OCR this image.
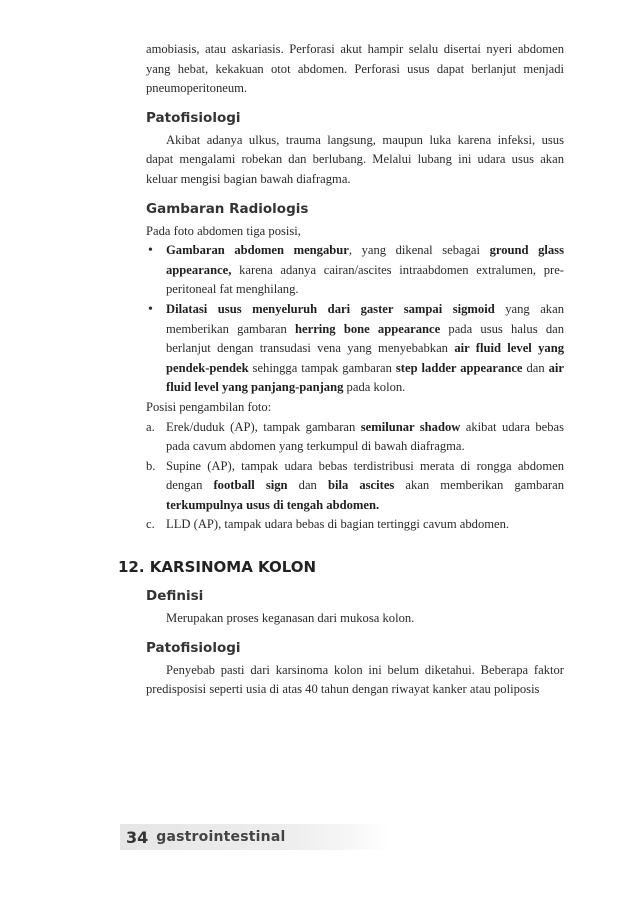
amobiasis, atau askariasis. Perforasi akut hampir selalu disertai nyeri abdomen yang hebat, kekakuan otot abdomen. Perforasi usus dapat berlanjut menjadi pneumoperitoneum.

Patofisiologi

Akibat adanya ulkus, trauma langsung, maupun luka karena infeksi, usus dapat mengalami robekan dan berlubang. Melalui lubang ini udara usus akan keluar mengisi bagian bawah diafragma.

Gambaran Radiologis

Pada foto abdomen tiga posisi,

• Gambaran abdomen mengabur, yang dikenal sebagai ground glass appearance, karena adanya cairan/ascites intraabdomen extralumen, pre-peritoneal fat menghilang.
• Dilatasi usus menyeluruh dari gaster sampai sigmoid yang akan memberikan gambaran herring bone appearance pada usus halus dan berlanjut dengan transudasi vena yang menyebabkan air fluid level yang pendek-pendek sehingga tampak gambaran step ladder appearance dan air fluid level yang panjang-panjang pada kolon.

Posisi pengambilan foto:

a. Erek/duduk (AP), tampak gambaran semilunar shadow akibat udara bebas pada cavum abdomen yang terkumpul di bawah diafragma.
b. Supine (AP), tampak udara bebas terdistribusi merata di rongga abdomen dengan football sign dan bila ascites akan memberikan gambaran terkumpulnya usus di tengah abdomen.
c. LLD (AP), tampak udara bebas di bagian tertinggi cavum abdomen.
12. KARSINOMA KOLON
Definisi

Merupakan proses keganasan dari mukosa kolon.

Patofisiologi

Penyebab pasti dari karsinoma kolon ini belum diketahui. Beberapa faktor predisposisi seperti usia di atas 40 tahun dengan riwayat kanker atau poliposis

34 gastrointestinal
